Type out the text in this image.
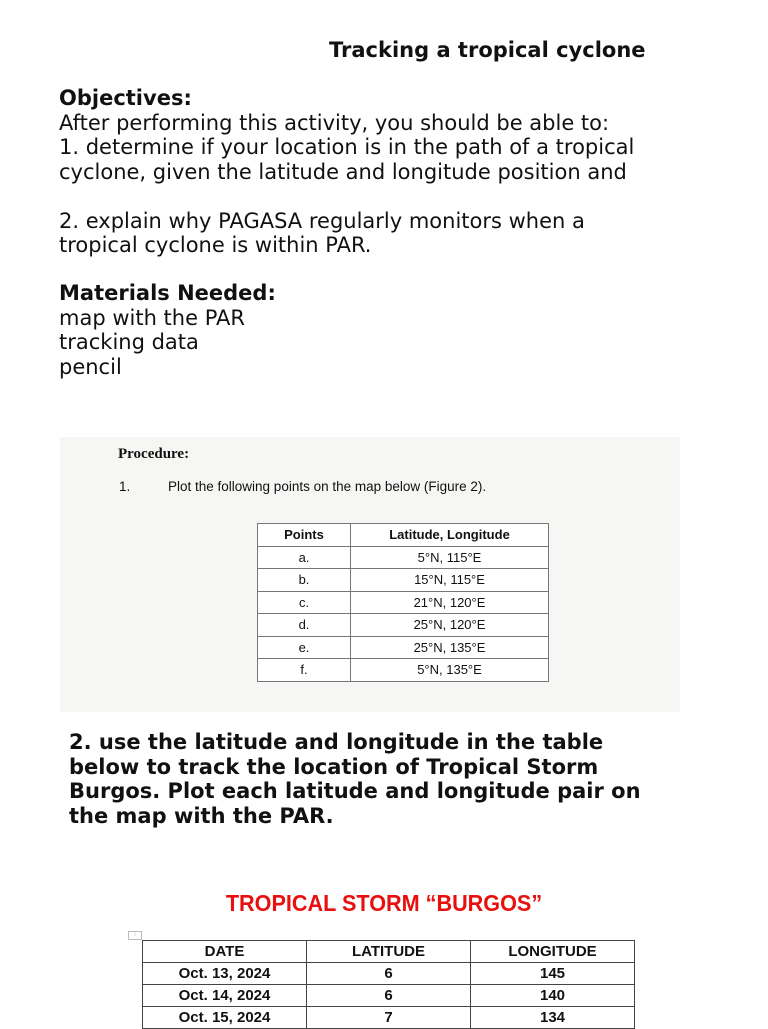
Tracking a tropical cyclone
Objectives:
After performing this activity, you should be able to:
1. determine if your location is in the path of a tropical
cyclone, given the latitude and longitude position and
2. explain why PAGASA regularly monitors when a
tropical cyclone is within PAR.
Materials Needed:
map with the PAR
tracking data
pencil
Procedure:
1.	Plot the following points on the map below (Figure 2).
Points	Latitude, Longitude
a.	5°N, 115°E
b.	15°N, 115°E
c.	21°N, 120°E
d.	25°N, 120°E
e.	25°N, 135°E
f.	5°N, 135°E
2. use the latitude and longitude in the table
below to track the location of Tropical Storm
Burgos. Plot each latitude and longitude pair on
the map with the PAR.
TROPICAL STORM “BURGOS”
⁞
DATE	LATITUDE	LONGITUDE
Oct. 13, 2024	6	145
Oct. 14, 2024	6	140
Oct. 15, 2024	7	134
